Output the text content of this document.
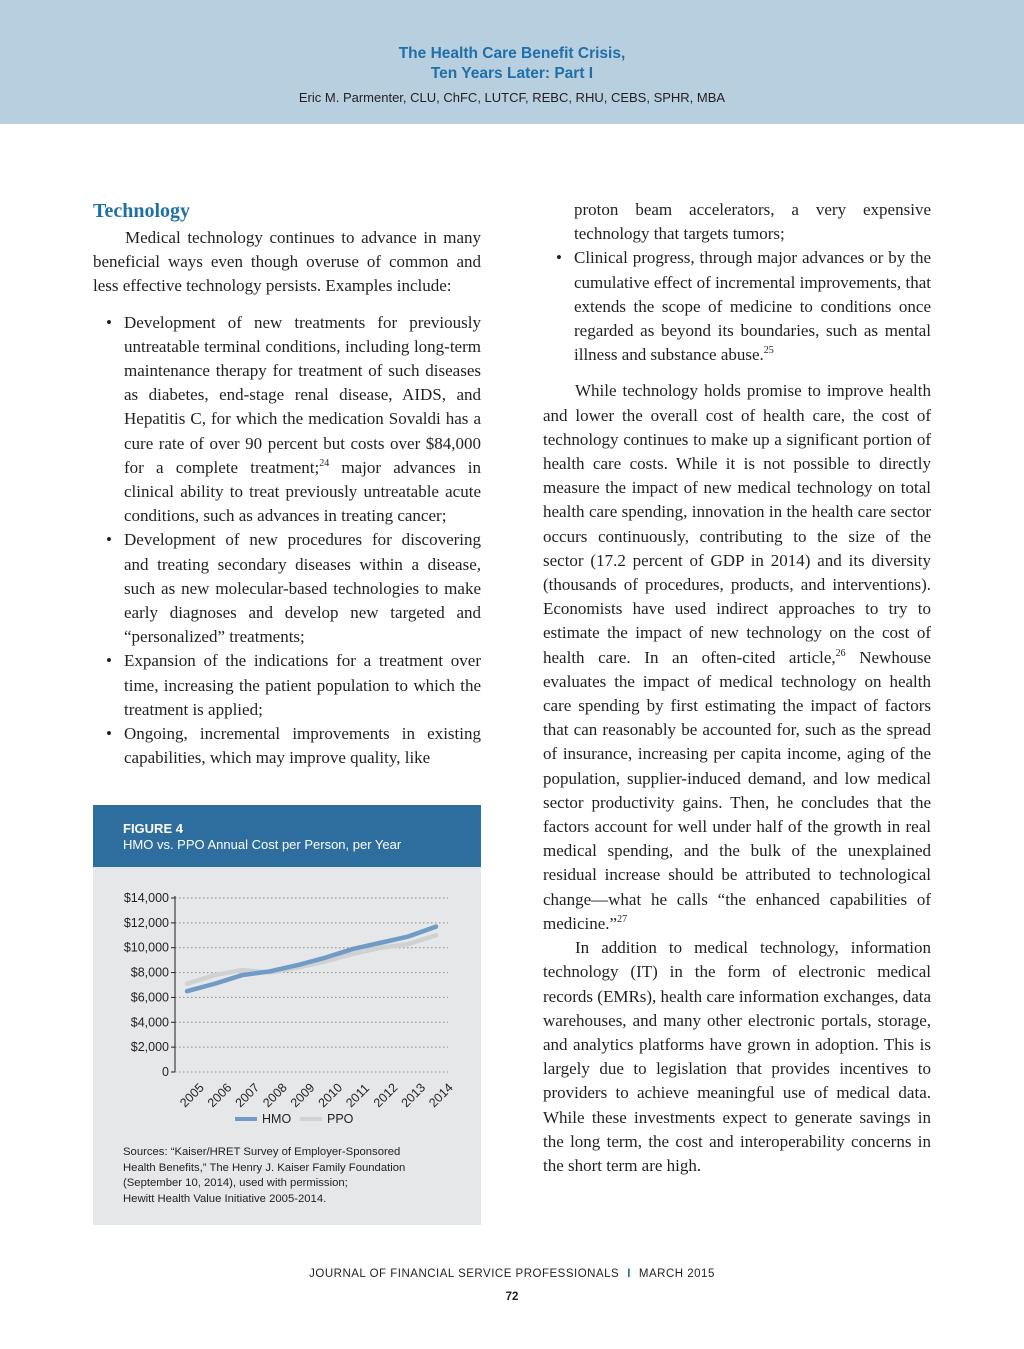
The Health Care Benefit Crisis,
Ten Years Later: Part I
Eric M. Parmenter, CLU, ChFC, LUTCF, REBC, RHU, CEBS, SPHR, MBA
Technology

Medical technology continues to advance in many beneficial ways even though overuse of common and less effective technology persists. Examples include:

• Development of new treatments for previously untreatable terminal conditions, including long-term maintenance therapy for treatment of such diseases as diabetes, end-stage renal disease, AIDS, and Hepatitis C, for which the medication Sovaldi has a cure rate of over 90 percent but costs over $84,000 for a complete treatment;$^{24}$ major advances in clinical ability to treat previously untreatable acute conditions, such as advances in treating cancer;
• Development of new procedures for discovering and treating secondary diseases within a disease, such as new molecular-based technologies to make early diagnoses and develop new targeted and “personalized” treatments;
• Expansion of the indications for a treatment over time, increasing the patient population to which the treatment is applied;
• Ongoing, incremental improvements in existing capabilities, which may improve quality, like
FIGURE 4
HMO vs. PPO Annual Cost per Person, per Year
0
$2,000
$4,000
$6,000
$8,000
$10,000
$12,000
$14,000
2005
2006
2007
2008
2009
2010
2011
2012
2013
2014
HMO	PPO
Sources: “Kaiser/HRET Survey of Employer-Sponsored
Health Benefits,” The Henry J. Kaiser Family Foundation
(September 10, 2014), used with permission;
Hewitt Health Value Initiative 2005-2014.

proton beam accelerators, a very expensive technology that targets tumors;

• Clinical progress, through major advances or by the cumulative effect of incremental improvements, that extends the scope of medicine to conditions once regarded as beyond its boundaries, such as mental illness and substance abuse.$^{25}$

While technology holds promise to improve health and lower the overall cost of health care, the cost of technology continues to make up a significant portion of health care costs. While it is not possible to directly measure the impact of new medical technology on total health care spending, innovation in the health care sector occurs continuously, contributing to the size of the sector (17.2 percent of GDP in 2014) and its diversity (thousands of procedures, products, and interventions). Economists have used indirect approaches to try to estimate the impact of new technology on the cost of health care. In an often-cited article,$^{26}$ Newhouse evaluates the impact of medical technology on health care spending by first estimating the impact of factors that can reasonably be accounted for, such as the spread of insurance, increasing per capita income, aging of the population, supplier-induced demand, and low medical sector productivity gains. Then, he concludes that the factors account for well under half of the growth in real medical spending, and the bulk of the unexplained residual increase should be attributed to technological change—what he calls “the enhanced capabilities of medicine.”$^{27}$

In addition to medical technology, information technology (IT) in the form of electronic medical records (EMRs), health care information exchanges, data warehouses, and many other electronic portals, storage, and analytics platforms have grown in adoption. This is largely due to legislation that provides incentives to providers to achieve meaningful use of medical data. While these investments expect to generate savings in the long term, the cost and interoperability concerns in the short term are high.

JOURNAL OF FINANCIAL SERVICE PROFESSIONALS I MARCH 2015
72
